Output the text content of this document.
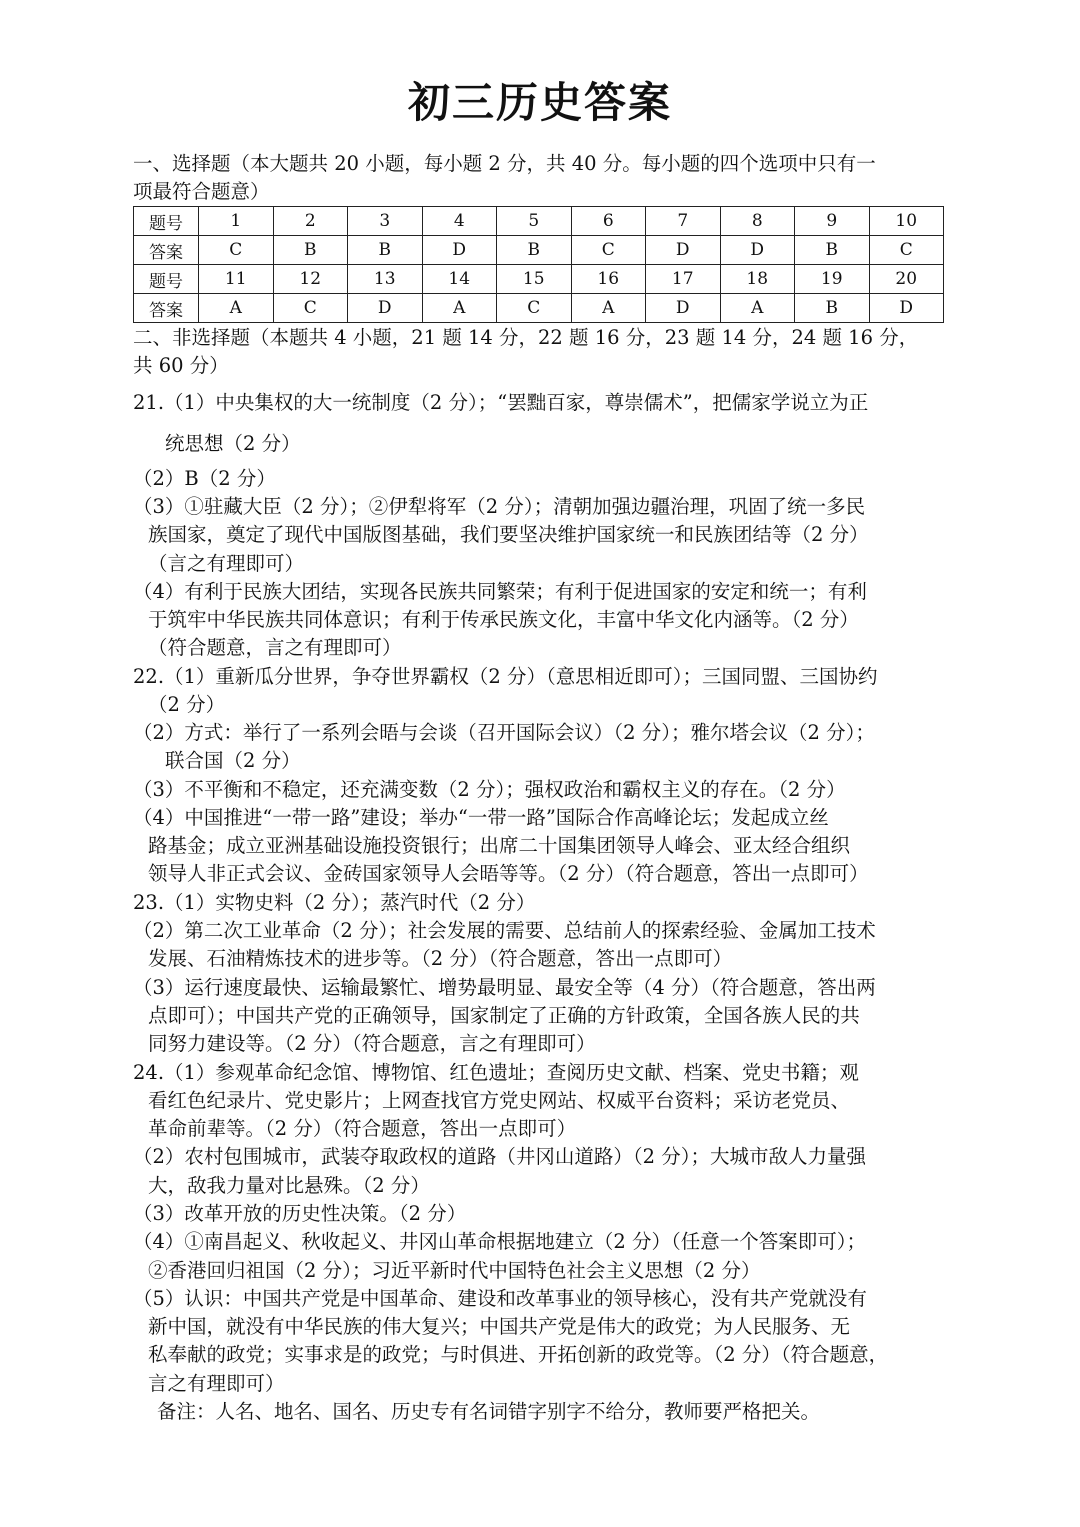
初三历史答案

一、选择题（本大题共 20 小题，每小题 2 分，共 40 分。每小题的四个选项中只有一

项最符合题意）

题号	1	2	3	4	5	6	7	8	9	10
答案	C	B	B	D	B	C	D	D	B	C
题号	11	12	13	14	15	16	17	18	19	20
答案	A	C	D	A	C	A	D	A	B	D

二、非选择题（本题共 4 小题，21 题 14 分，22 题 16 分，23 题 14 分，24 题 16 分，

共 60 分）

21.（1）中央集权的大一统制度（2 分）；“罢黜百家，尊崇儒术”，把儒家学说立为正

统思想（2 分）

（2）B（2 分）

（3）①驻藏大臣（2 分）；②伊犁将军（2 分）；清朝加强边疆治理，巩固了统一多民

族国家，奠定了现代中国版图基础，我们要坚决维护国家统一和民族团结等（2 分）

（言之有理即可）

（4）有利于民族大团结，实现各民族共同繁荣；有利于促进国家的安定和统一；有利

于筑牢中华民族共同体意识；有利于传承民族文化，丰富中华文化内涵等。（2 分）

（符合题意，言之有理即可）

22.（1）重新瓜分世界，争夺世界霸权（2 分）（意思相近即可）；三国同盟、三国协约

（2 分）

（2）方式：举行了一系列会晤与会谈（召开国际会议）（2 分）；雅尔塔会议（2 分）；

联合国（2 分）

（3）不平衡和不稳定，还充满变数（2 分）；强权政治和霸权主义的存在。（2 分）

（4）中国推进“一带一路”建设；举办“一带一路”国际合作高峰论坛；发起成立丝

路基金；成立亚洲基础设施投资银行；出席二十国集团领导人峰会、亚太经合组织

领导人非正式会议、金砖国家领导人会晤等等。（2 分）（符合题意，答出一点即可）

23.（1）实物史料（2 分）；蒸汽时代（2 分）

（2）第二次工业革命（2 分）；社会发展的需要、总结前人的探索经验、金属加工技术

发展、石油精炼技术的进步等。（2 分）（符合题意，答出一点即可）

（3）运行速度最快、运输最繁忙、增势最明显、最安全等（4 分）（符合题意，答出两

点即可）；中国共产党的正确领导，国家制定了正确的方针政策，全国各族人民的共

同努力建设等。（2 分）（符合题意，言之有理即可）

24.（1）参观革命纪念馆、博物馆、红色遗址；查阅历史文献、档案、党史书籍；观

看红色纪录片、党史影片；上网查找官方党史网站、权威平台资料；采访老党员、

革命前辈等。（2 分）（符合题意，答出一点即可）

（2）农村包围城市，武装夺取政权的道路（井冈山道路）（2 分）；大城市敌人力量强

大，敌我力量对比悬殊。（2 分）

（3）改革开放的历史性决策。（2 分）

（4）①南昌起义、秋收起义、井冈山革命根据地建立（2 分）（任意一个答案即可）；

②香港回归祖国（2 分）；习近平新时代中国特色社会主义思想（2 分）

（5）认识：中国共产党是中国革命、建设和改革事业的领导核心，没有共产党就没有

新中国，就没有中华民族的伟大复兴；中国共产党是伟大的政党；为人民服务、无

私奉献的政党；实事求是的政党；与时俱进、开拓创新的政党等。（2 分）（符合题意，

言之有理即可）

备注：人名、地名、国名、历史专有名词错字别字不给分，教师要严格把关。
